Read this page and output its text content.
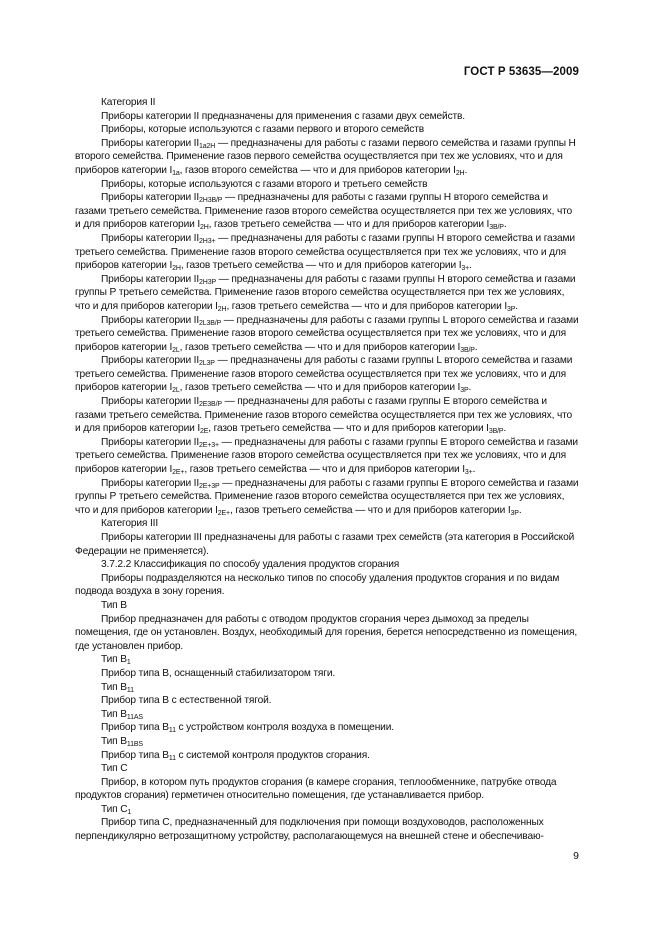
ГОСТ Р 53635—2009

Категория II

Приборы категории II предназначены для применения с газами двух семейств.

Приборы, которые используются с газами первого и второго семейств

Приборы категории $II_{1a2H}$ — предназначены для работы с газами первого семейства и газами группы Н второго семейства. Применение газов первого семейства осуществляется при тех же условиях, что и для приборов категории $I_{1a}$, газов второго семейства — что и для приборов категории $I_{2H}$.

Приборы, которые используются с газами второго и третьего семейств

Приборы категории $II_{2H3B/P}$ — предназначены для работы с газами группы Н второго семейства и газами третьего семейства. Применение газов второго семейства осуществляется при тех же условиях, что и для приборов категории $I_{2H}$, газов третьего семейства — что и для приборов категории $I_{3B/P}$.

Приборы категории $II_{2H3+}$ — предназначены для работы с газами группы Н второго семейства и газами третьего семейства. Применение газов второго семейства осуществляется при тех же условиях, что и для приборов категории $I_{2H}$, газов третьего семейства — что и для приборов категории $I_{3+}$.

Приборы категории $II_{2H3P}$ — предназначены для работы с газами группы Н второго семейства и газами группы Р третьего семейства. Применение газов второго семейства осуществляется при тех же условиях, что и для приборов категории $I_{2H}$, газов третьего семейства — что и для приборов категории $I_{3P}$.

Приборы категории $II_{2L3B/P}$ — предназначены для работы с газами группы L второго семейства и газами третьего семейства. Применение газов второго семейства осуществляется при тех же условиях, что и для приборов категории $I_{2L}$, газов третьего семейства — что и для приборов категории $I_{3B/P}$.

Приборы категории $II_{2L3P}$ — предназначены для работы с газами группы L второго семейства и газами третьего семейства. Применение газов второго семейства осуществляется при тех же условиях, что и для приборов категории $I_{2L}$, газов третьего семейства — что и для приборов категории $I_{3P}$.

Приборы категории $II_{2E3B/P}$ — предназначены для работы с газами группы Е второго семейства и газами третьего семейства. Применение газов второго семейства осуществляется при тех же условиях, что и для приборов категории $I_{2E}$, газов третьего семейства — что и для приборов категории $I_{3B/P}$.

Приборы категории $II_{2E+3+}$ — предназначены для работы с газами группы Е второго семейства и газами третьего семейства. Применение газов второго семейства осуществляется при тех же условиях, что и для приборов категории $I_{2E+}$, газов третьего семейства — что и для приборов категории $I_{3+}$.

Приборы категории $II_{2E+3P}$ — предназначены для работы с газами группы Е второго семейства и газами группы Р третьего семейства. Применение газов второго семейства осуществляется при тех же условиях, что и для приборов категории $I_{2E+}$, газов третьего семейства — что и для приборов категории $I_{3P}$.

Категория III

Приборы категории III предназначены для работы с газами трех семейств (эта категория в Российской Федерации не применяется).

3.7.2.2 Классификация по способу удаления продуктов сгорания

Приборы подразделяются на несколько типов по способу удаления продуктов сгорания и по видам подвода воздуха в зону горения.

Тип В

Прибор предназначен для работы с отводом продуктов сгорания через дымоход за пределы помещения, где он установлен. Воздух, необходимый для горения, берется непосредственно из помещения, где установлен прибор.

Тип $В_1$

Прибор типа В, оснащенный стабилизатором тяги.

Тип $В_{11}$

Прибор типа В с естественной тягой.

Тип $В_{11AS}$

Прибор типа $В_{11}$ с устройством контроля воздуха в помещении.

Тип $В_{11BS}$

Прибор типа $В_{11}$ с системой контроля продуктов сгорания.

Тип С

Прибор, в котором путь продуктов сгорания (в камере сгорания, теплообменнике, патрубке отвода продуктов сгорания) герметичен относительно помещения, где устанавливается прибор.

Тип $С_1$

Прибор типа С, предназначенный для подключения при помощи воздуховодов, расположенных перпендикулярно ветрозащитному устройству, располагающемуся на внешней стене и обеспечиваю-

9
